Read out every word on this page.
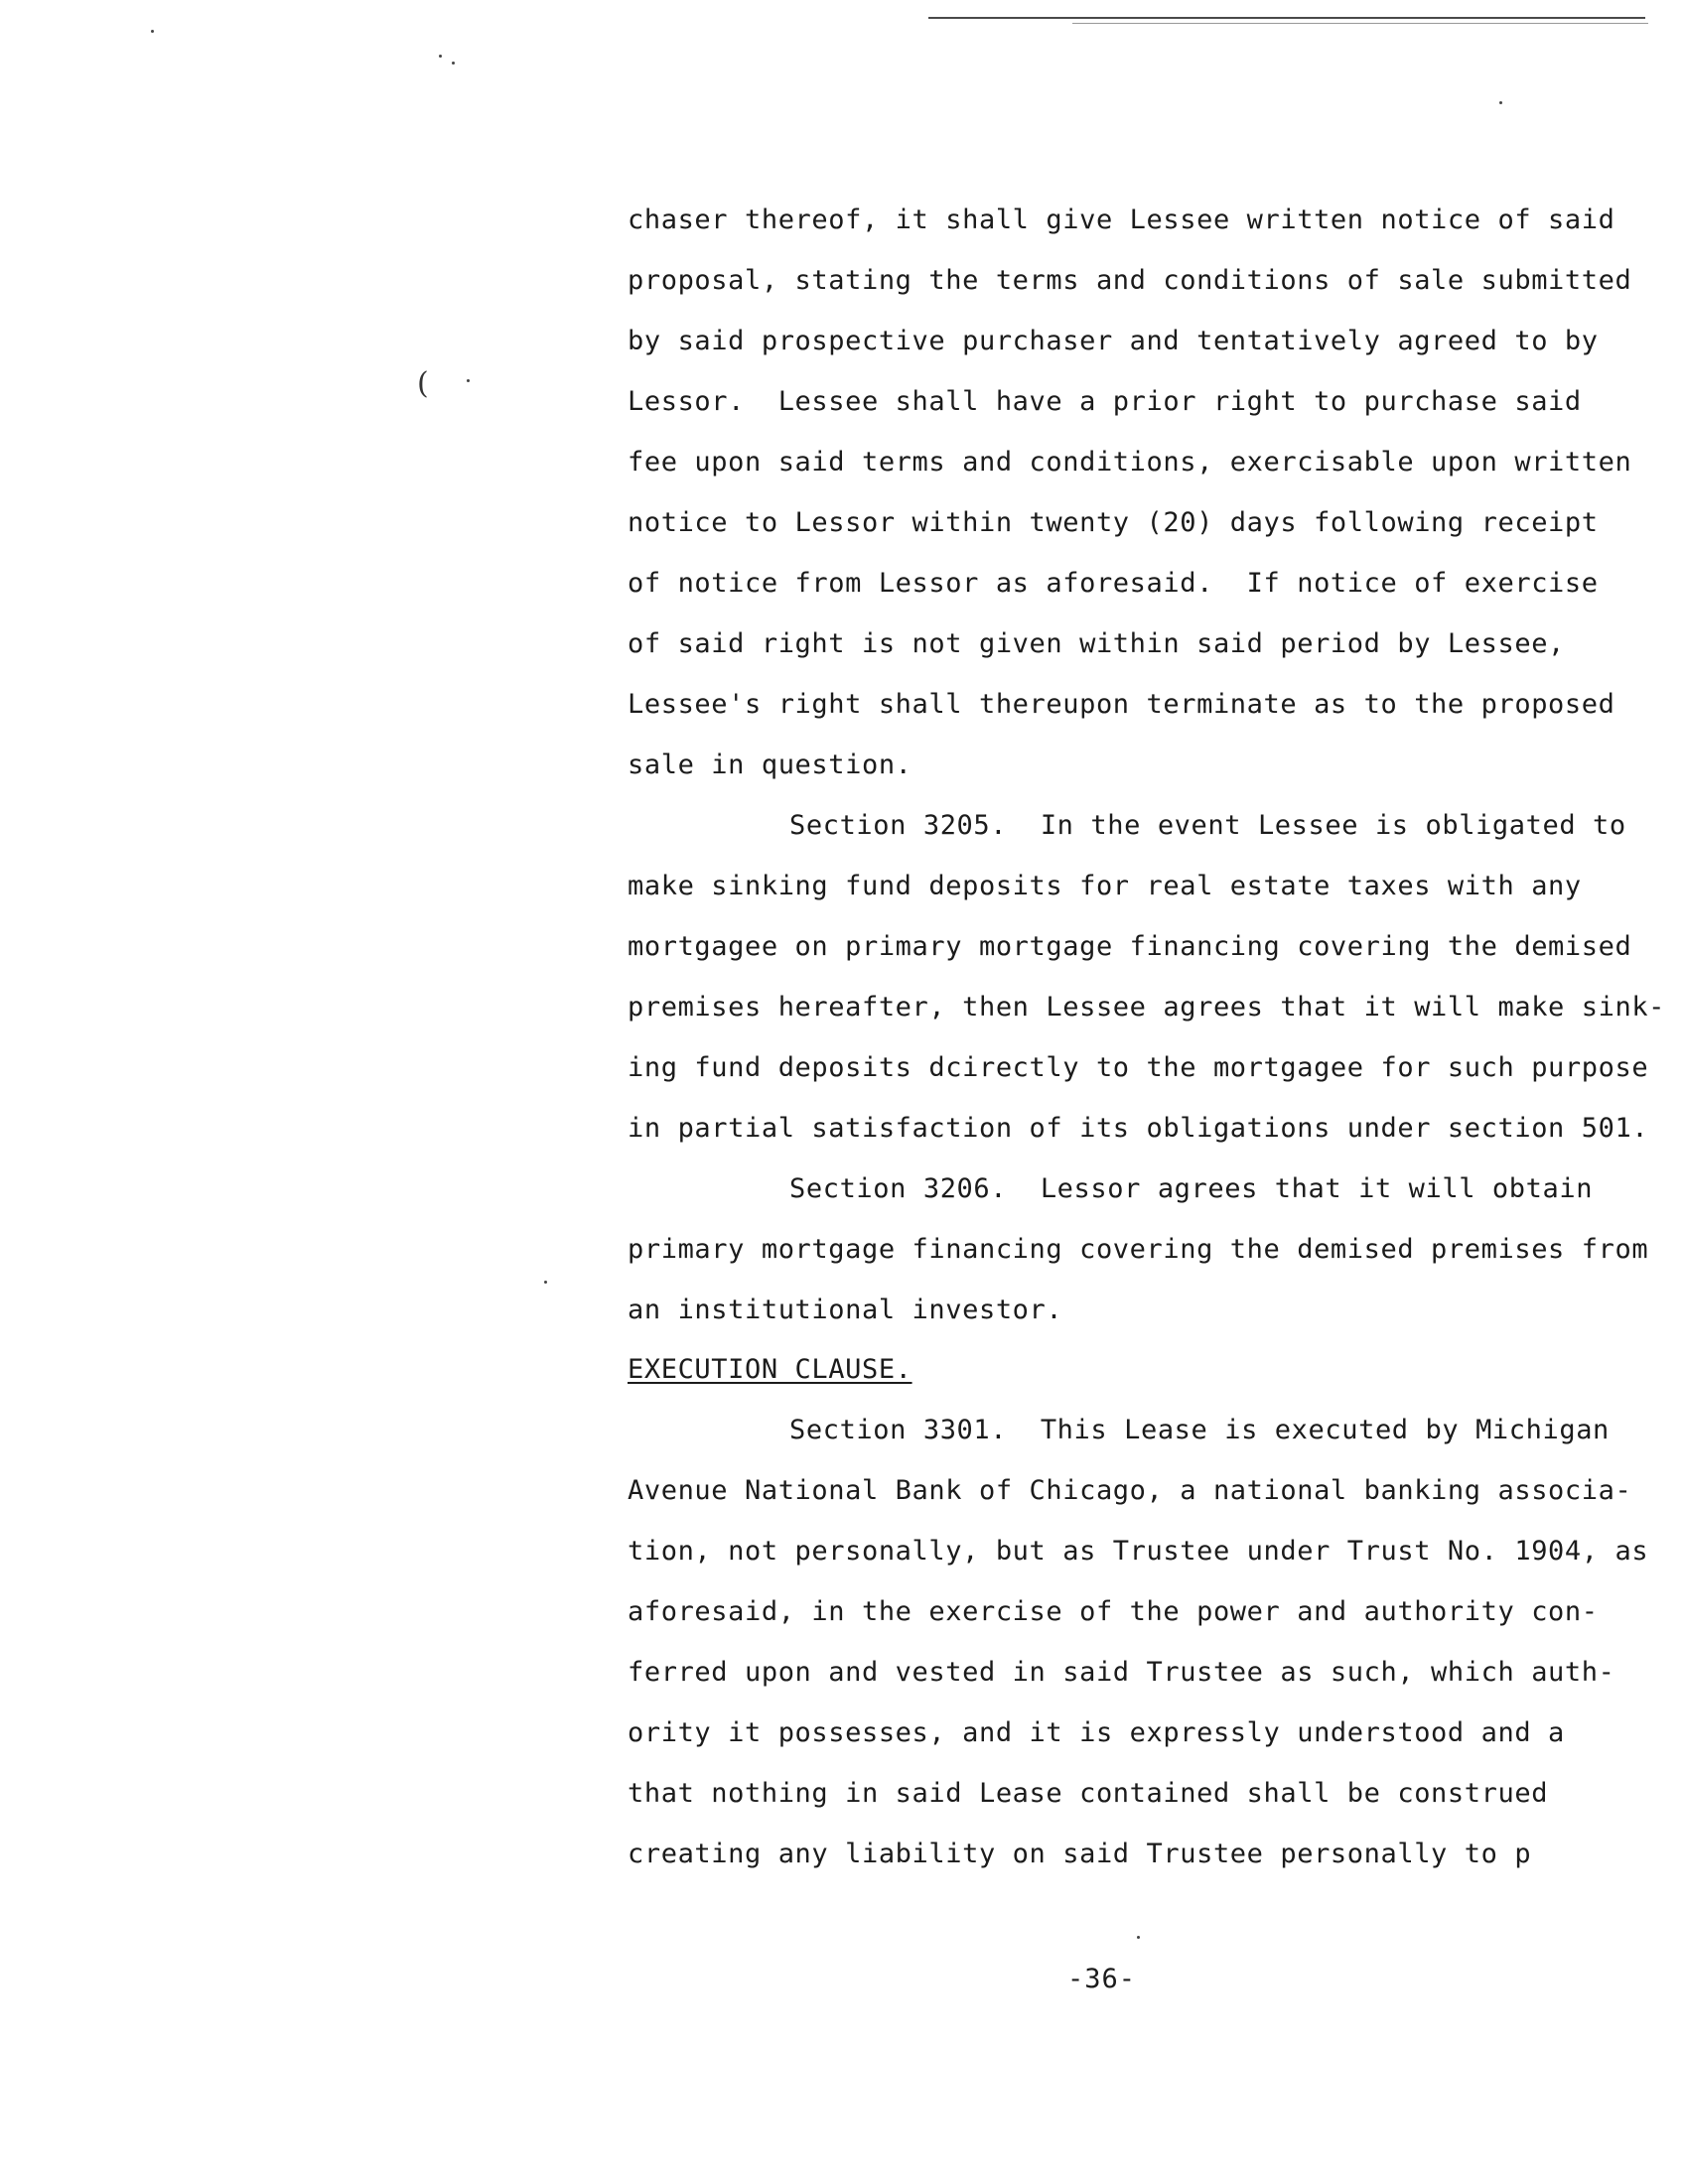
(
chaser thereof, it shall give Lessee written notice of said
proposal, stating the terms and conditions of sale submitted
by said prospective purchaser and tentatively agreed to by
Lessor.  Lessee shall have a prior right to purchase said
fee upon said terms and conditions, exercisable upon written
notice to Lessor within twenty (20) days following receipt
of notice from Lessor as aforesaid.  If notice of exercise
of said right is not given within said period by Lessee,
Lessee's right shall thereupon terminate as to the proposed
sale in question.
Section 3205.  In the event Lessee is obligated to
make sinking fund deposits for real estate taxes with any
mortgagee on primary mortgage financing covering the demised
premises hereafter, then Lessee agrees that it will make sink-
ing fund deposits dcirectly to the mortgagee for such purpose
in partial satisfaction of its obligations under section 501.
Section 3206.  Lessor agrees that it will obtain
primary mortgage financing covering the demised premises from
an institutional investor.
EXECUTION CLAUSE.
Section 3301.  This Lease is executed by Michigan
Avenue National Bank of Chicago, a national banking associa-
tion, not personally, but as Trustee under Trust No. 1904, as
aforesaid, in the exercise of the power and authority con-
ferred upon and vested in said Trustee as such, which auth-
ority it possesses, and it is expressly understood and a
that nothing in said Lease contained shall be construed
creating any liability on said Trustee personally to p
-36-
